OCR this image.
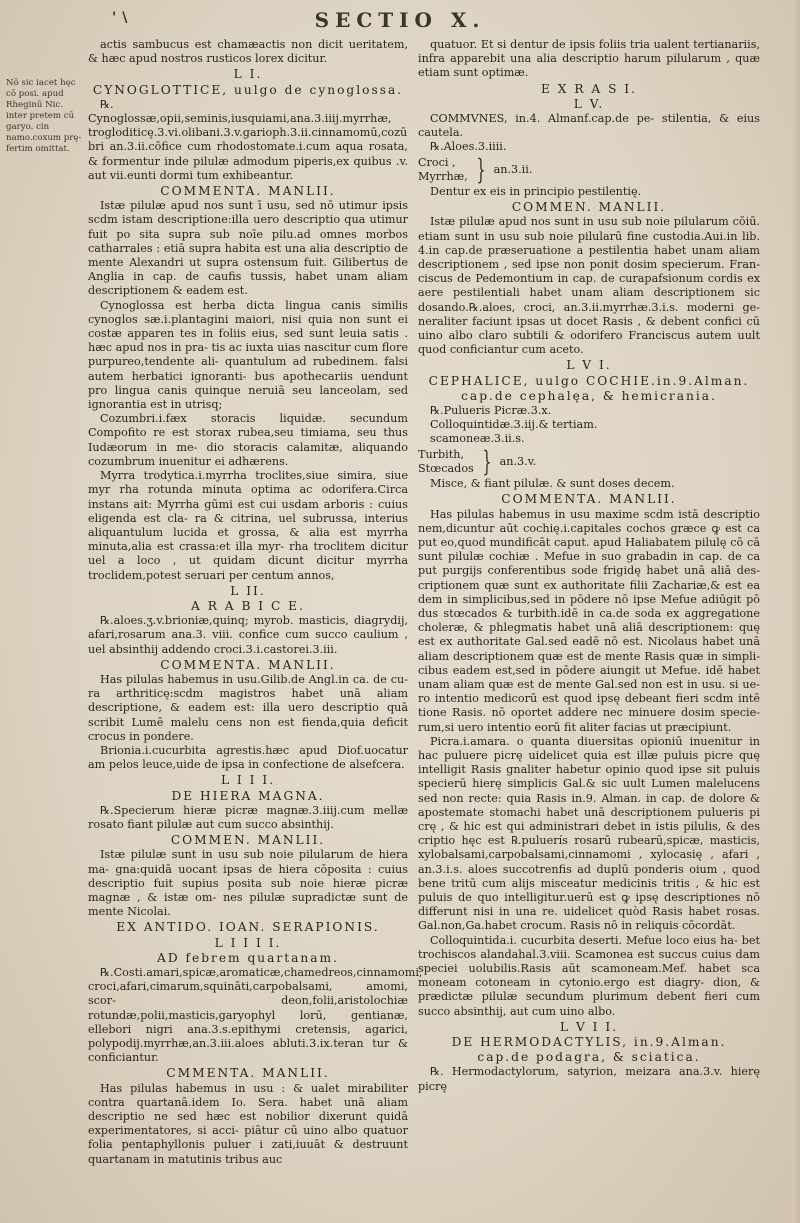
'\	SECTIO X.
Nō sic iacet hęc cō posi. apud Rheginū Nic. inter pretem cū garyo. cin namo.coxum prę- fertim omittat.
actis sambucus est chamæactis non dicit ueritatem, & hæc apud nostros rusticos lorex dicitur.
L I.
CYNOGLOTTICE, uulgo de cynoglossa.
℞. Cynoglossæ,opii,seminis,iusquiami,ana.3.iiij.myrrhæ, trogloditicę.3.vi.olibani.3.v.garioph.3.ii.cinnamomū,cozū bri an.3.ii.cōfice cum rhodostomate.i.cum aqua rosata, & formentur inde pilulæ admodum piperis,ex quibus .v. aut vii.eunti dormi tum exhibeantur.
COMMENTA. MANLII.
Istæ pilulæ apud nos sunt ī usu, sed nō utimur ipsis scdm istam descriptione:illa uero descriptio qua utimur fuit po sita supra sub noīe pilu.ad omnes morbos catharrales : etiā supra habita est una alia descriptio de mente Alexandri ut supra ostensum fuit. Gilibertus de Anglia in cap. de caufis tussis, habet unam aliam descriptionem & eadem est.
Cynoglossa est herba dicta lingua canis similis cynoglos sæ.i.plantagini maiori, nisi quia non sunt ei costæ apparen tes in foliis eius, sed sunt leuia satis . hæc apud nos in pra- tis ac iuxta uias nascitur cum flore purpureo,tendente ali- quantulum ad rubedinem. falsi autem herbatici ignoranti- bus apothecariis uendunt pro lingua canis quinque neruiā seu lanceolam, sed ignorantia est in utrisq;
Cozumbri.i.fæx storacis liquidæ. secundum Compofito re est storax rubea,seu timiama, seu thus Iudæorum in me- dio storacis calamitæ, aliquando cozumbrum inuenitur ei adhærens.
Myrra trodytica.i.myrrha troclites,siue simira, siue myr rha rotunda minuta optima ac odorifera.Circa instans ait: Myrrha gūmi est cui usdam arboris : cuius eligenda est cla- ra & citrina, uel subrussa, interius aliquantulum lucida et grossa, & alia est myrrha minuta,alia est crassa:et illa myr- rha troclitem dicitur uel a loco , ut quidam dicunt dicitur myrrha troclidem,potest seruari per centum annos,
L II.
A R A B I C E.
℞.aloes.ʒ.v.brioniæ,quinq; myrob. masticis, diagrydij, afari,rosarum ana.3. viii. confice cum succo caulium , uel absinthij addendo croci.3.i.castorei.3.iii.
COMMENTA. MANLII.
Has pilulas habemus in usu.Gilib.de Angl.in ca. de cu- ra arthriticę:scdm magistros habet unā aliam descriptione, & eadem est: illa uero descriptio quā scribit Lumē malelu cens non est fienda,quia deficit crocus in pondere.
Brionia.i.cucurbita agrestis.hæc apud Diof.uocatur am pelos leuce,uide de ipsa in confectione de alsefcera.
L I I I.
DE HIERA MAGNA.
℞.Specierum hieræ picræ magnæ.3.iiij.cum mellæ rosato fiant pilulæ aut cum succo absinthij.
COMMEN. MANLII.
Istæ pilulæ sunt in usu sub noie pilularum de hiera ma- gna:quidā uocant ipsas de hiera cōposita : cuius descriptio fuit supius posita sub noie hieræ picræ magnæ , & istæ om- nes pilulæ supradictæ sunt de mente Nicolai.
EX ANTIDO. IOAN. SERAPIONIS.
L I I I I.
AD febrem quartanam.
℞.Costi.amari,spicæ,aromaticæ,chamedreos,cinnamomi, croci,afari,cimarum,squināti,carpobalsami, amomi, scor- deon,folii,aristolochiæ rotundæ,polii,masticis,garyophyl lorū, gentianæ, ellebori nigri ana.3.s.epithymi cretensis, agarici, polypodij.myrrhæ,an.3.iii.aloes abluti.3.ix.teran tur & conficiantur.
CMMENTA. MANLII.
Has pilulas habemus in usu : & ualet mirabiliter contra quartanā.idem Io. Sera. habet unā aliam descriptio ne sed hæc est nobilior dixerunt quidā experimentatores, si acci- piātur cū uino albo quatuor folia pentaphyllonis puluer i zati,iuuāt & destruunt quartanam in matutinis tribus auc
quatuor. Et si dentur de ipsis foliis tria ualent tertianariis, infra apparebit una alia descriptio harum pilularum , quæ etiam sunt optimæ.
E X R A S I.
L V.
COMMVNES, in.4. Almanf.cap.de pe- stilentia, & eius cautela.
℞.Aloes.3.iiii.
Croci ,
Myrrhæ, } an.3.ii.
Dentur ex eis in principio pestilentię.
COMMEN. MANLII.
Istæ pilulæ apud nos sunt in usu sub noie pilularum cōiū. etiam sunt in usu sub noie pilularū fine custodia.Aui.in lib. 4.in cap.de præseruatione a pestilentia habet unam aliam descriptionem , sed ipse non ponit dosim specierum. Fran- ciscus de Pedemontium in cap. de curapafsionum cordis ex aere pestilentiali habet unam aliam descriptionem sic dosando.℞.aloes, croci, an.3.ii.myrrhæ.3.i.s. moderni ge- neraliter faciunt ipsas ut docet Rasis , & debent confici cū uino albo claro subtili & odorifero Franciscus autem uult quod conficiantur cum aceto.
L V I.
CEPHALICE, uulgo COCHIE.in.9.Alman.
cap.de cephalęa, & hemicrania.
℞.Pulueris Picræ.3.x.
Colloquintidæ.3.iij.& tertiam.
scamoneæ.3.ii.s.
Turbith,
Stœcados } an.3.v.
Misce, & fiant pilulæ. & sunt doses decem.
COMMENTA. MANLII.
Has pilulas habemus in usu maxime scdm istā descriptio nem,dicuntur aūt cochię.i.capitales cochos græce ꝙ est ca put eo,quod mundificāt caput. apud Haliabatem pilulę cō cā sunt pilulæ cochiæ . Mefue in suo grabadin in cap. de ca put purgijs conferentibus sode frigidę habet unā aliā des- criptionem quæ sunt ex authoritate filii Zachariæ,& est ea dem in simplicibus,sed in pōdere nō ipse Mefue adiūgit pō dus stœcados & turbith.idē in ca.de soda ex aggregatione choleræ, & phlegmatis habet unā aliā descriptionem: quę est ex authoritate Gal.sed eadē nō est. Nicolaus habet unā aliam descriptionem quæ est de mente Rasis quæ in simpli- cibus eadem est,sed in pōdere aiungit ut Mefue. idē habet unam aliam quæ est de mente Gal.sed non est in usu. si ue- ro intentio medicorū est quod ipsę debeant fieri scdm intē tione Rasis. nō oportet addere nec minuere dosim specie- rum,si uero intentio eorū fit aliter facias ut præcipiunt.
Picra.i.amara. o quanta diuersitas opioniū inuenitur in hac puluere picrę uidelicet quia est illæ puluis picre quę intelligit Rasis gnaliter habetur opinio quod ipse sit puluis specierū hierę simplicis Gal.& sic uult Lumen malelucens sed non recte: quia Rasis in.9. Alman. in cap. de dolore & apostemate stomachi habet unā descriptionem pulueris pi crę , & hic est qui administrari debet in istis pilulis, & des criptio hęc est ℞.puluerís rosarū rubearū,spicæ, masticis, xylobalsami,carpobalsami,cinnamomi , xylocasię , afari , an.3.i.s. aloes succotrenfis ad duplū ponderis oium , quod bene tritū cum alijs misceatur medicinis tritis , & hic est puluis de quo intelligitur.uerū est ꝙ ipsę descriptiones nō differunt nisi in una re. uidelicet quòd Rasis habet rosas. Gal.non,Ga.habet crocum. Rasis nō in reliquis cōcordāt.
Colloquintida.i. cucurbita deserti. Mefue loco eius ha- bet trochiscos alandahal.3.viii. Scamonea est succus cuius dam speciei uolubilis.Rasis aūt scamoneam.Mef. habet sca moneam cotoneam in cytonio.ergo est diagry- dion, & prædictæ pilulæ secundum plurimum debent fieri cum succo absinthij, aut cum uino albo.
L V I I.
DE HERMODACTYLIS, in.9.Alman.
cap.de podagra, & sciatica.
℞. Hermodactylorum, satyrion, meizara ana.3.v. hierę picrę
